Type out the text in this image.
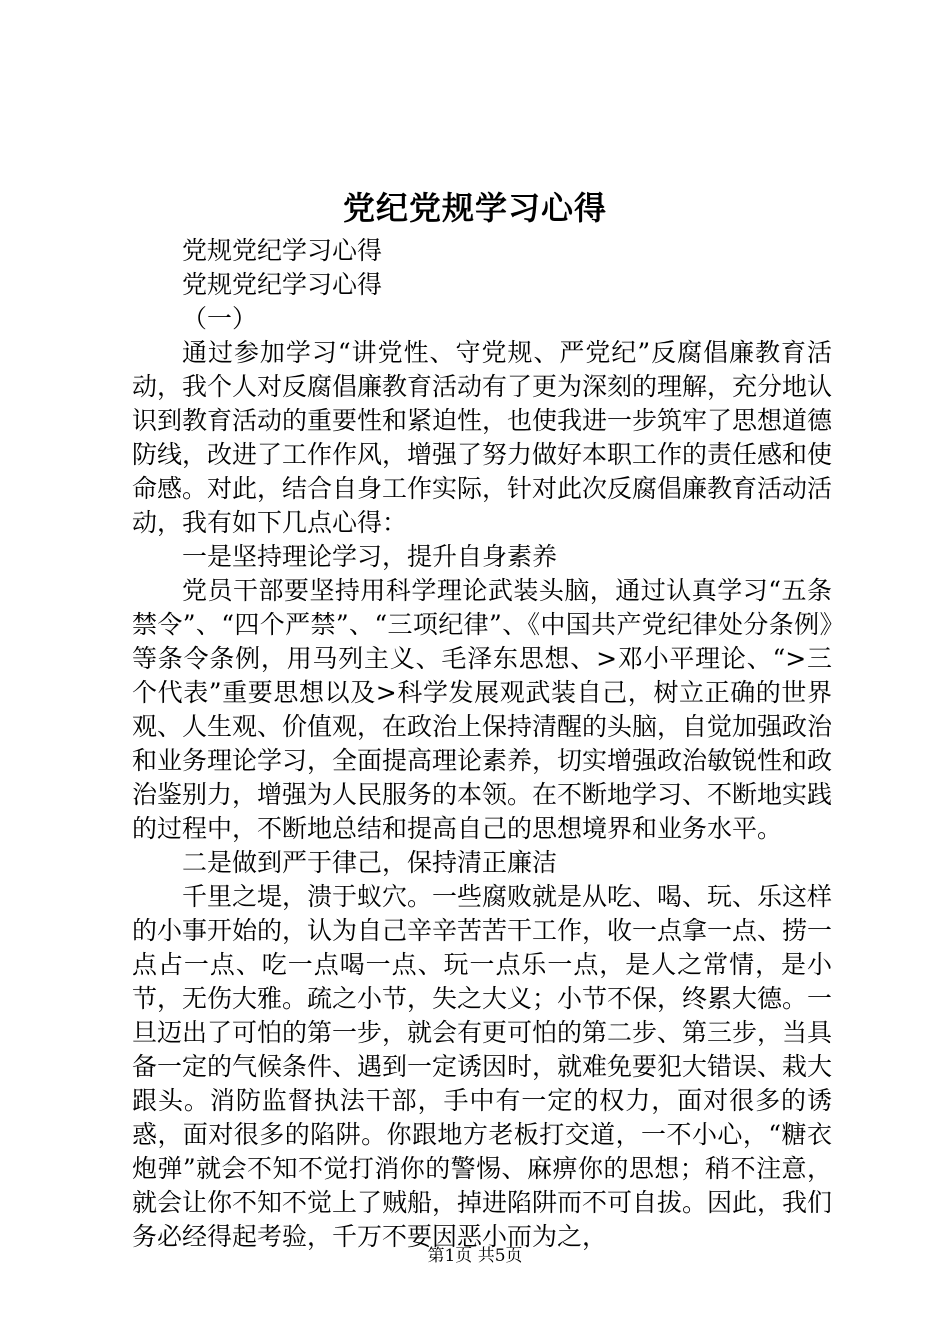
党纪党规学习心得

党规党纪学习心得

党规党纪学习心得

（一）

通过参加学习“讲党性、守党规、严党纪”反腐倡廉教育活动，我个人对反腐倡廉教育活动有了更为深刻的理解，充分地认识到教育活动的重要性和紧迫性，也使我进一步筑牢了思想道德防线，改进了工作作风，增强了努力做好本职工作的责任感和使命感。对此，结合自身工作实际，针对此次反腐倡廉教育活动活动，我有如下几点心得：

一是坚持理论学习，提升自身素养

党员干部要坚持用科学理论武装头脑，通过认真学习“五条禁令”、“四个严禁”、“三项纪律”、《中国共产党纪律处分条例》等条令条例，用马列主义、毛泽东思想、>邓小平理论、“>三个代表”重要思想以及>科学发展观武装自己，树立正确的世界观、人生观、价值观，在政治上保持清醒的头脑，自觉加强政治和业务理论学习，全面提高理论素养，切实增强政治敏锐性和政治鉴别力，增强为人民服务的本领。在不断地学习、不断地实践的过程中，不断地总结和提高自己的思想境界和业务水平。

二是做到严于律己，保持清正廉洁

千里之堤，溃于蚁穴。一些腐败就是从吃、喝、玩、乐这样的小事开始的，认为自己辛辛苦苦干工作，收一点拿一点、捞一点占一点、吃一点喝一点、玩一点乐一点，是人之常情，是小节，无伤大雅。疏之小节，失之大义；小节不保，终累大德。一旦迈出了可怕的第一步，就会有更可怕的第二步、第三步，当具备一定的气候条件、遇到一定诱因时，就难免要犯大错误、栽大跟头。消防监督执法干部，手中有一定的权力，面对很多的诱惑，面对很多的陷阱。你跟地方老板打交道，一不小心，“糖衣炮弹”就会不知不觉打消你的警惕、麻痹你的思想；稍不注意，就会让你不知不觉上了贼船，掉进陷阱而不可自拔。因此，我们务必经得起考验，千万不要因恶小而为之，

第1页 共5页
